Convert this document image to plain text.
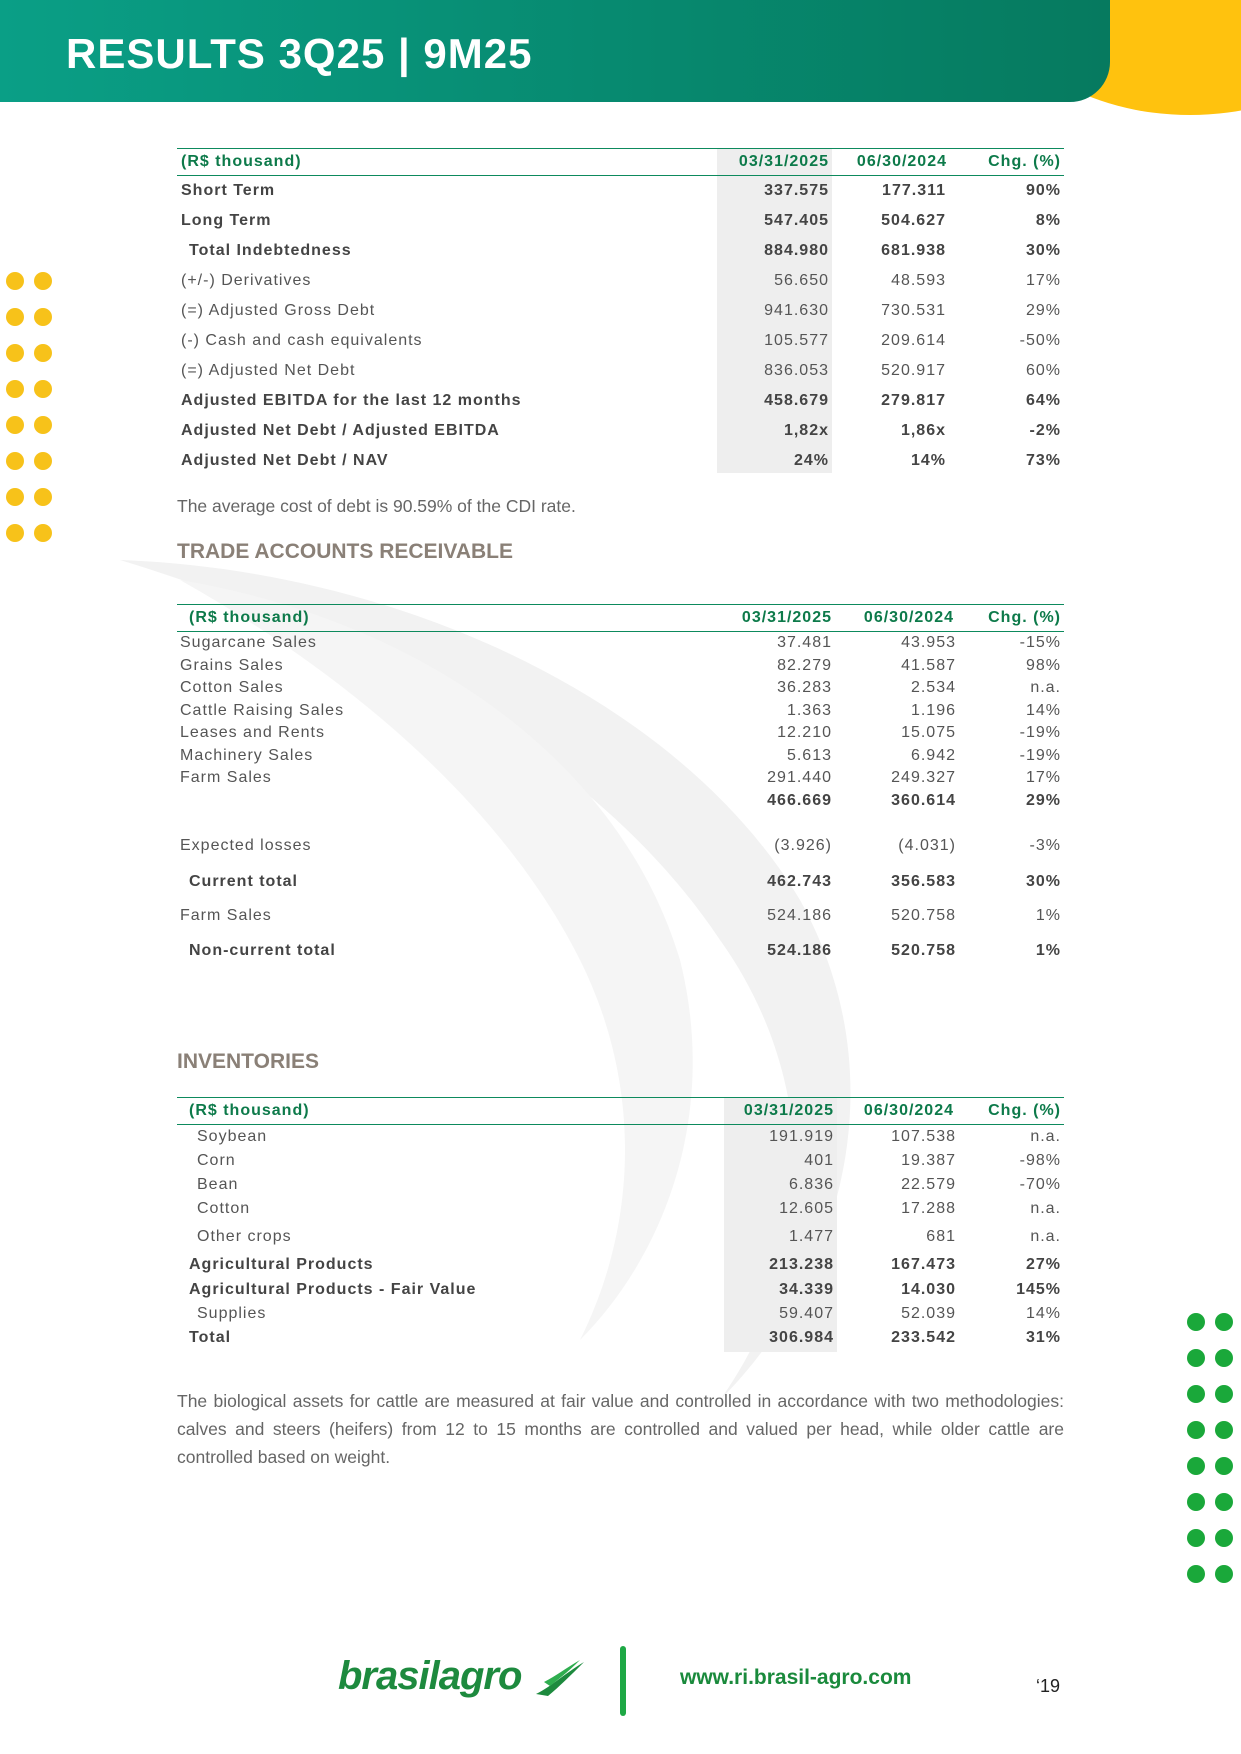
RESULTS 3Q25 | 9M25
(R$ thousand)	03/31/2025 06/30/2024	Chg. (%)
Short Term	337.575	177.311	90%
Long Term	547.405	504.627	8%
Total Indebtedness	884.980	681.938	30%
(+/-) Derivatives	56.650	48.593	17%
(=) Adjusted Gross Debt	941.630	730.531	29%
(-) Cash and cash equivalents	105.577	209.614	-50%
(=) Adjusted Net Debt	836.053	520.917	60%
Adjusted EBITDA for the last 12 months	458.679	279.817	64%
Adjusted Net Debt / Adjusted EBITDA	1,82x	1,86x	-2%
Adjusted Net Debt / NAV	24%	14%	73%
The average cost of debt is 90.59% of the CDI rate.
TRADE ACCOUNTS RECEIVABLE
(R$ thousand)	03/31/2025 06/30/2024 Chg. (%)
Sugarcane Sales	37.481	43.953	-15%
Grains Sales	82.279	41.587	98%
Cotton Sales	36.283	2.534	n.a.
Cattle Raising Sales	1.363	1.196	14%
Leases and Rents	12.210	15.075	-19%
Machinery Sales	5.613	6.942	-19%
Farm Sales	291.440	249.327	17%
466.669	360.614	29%
Expected losses	(3.926)	(4.031)	-3%
Current total	462.743	356.583	30%
Farm Sales	524.186	520.758	1%
Non-current total	524.186	520.758	1%
INVENTORIES
(R$ thousand)	03/31/2025 06/30/2024 Chg. (%)
Soybean	191.919	107.538	n.a.
Corn	401	19.387	-98%
Bean	6.836	22.579	-70%
Cotton	12.605	17.288	n.a.
Other crops	1.477	681	n.a.
Agricultural Products	213.238	167.473	27%
Agricultural Products - Fair Value	34.339	14.030	145%
Supplies	59.407	52.039	14%
Total	306.984	233.542	31%
The biological assets for cattle are measured at fair value and controlled in accordance with two methodologies: calves and steers (heifers) from 12 to 15 months are controlled and valued per head, while older cattle are controlled based on weight.
brasilagro	www.ri.brasil-agro.com	‘19
